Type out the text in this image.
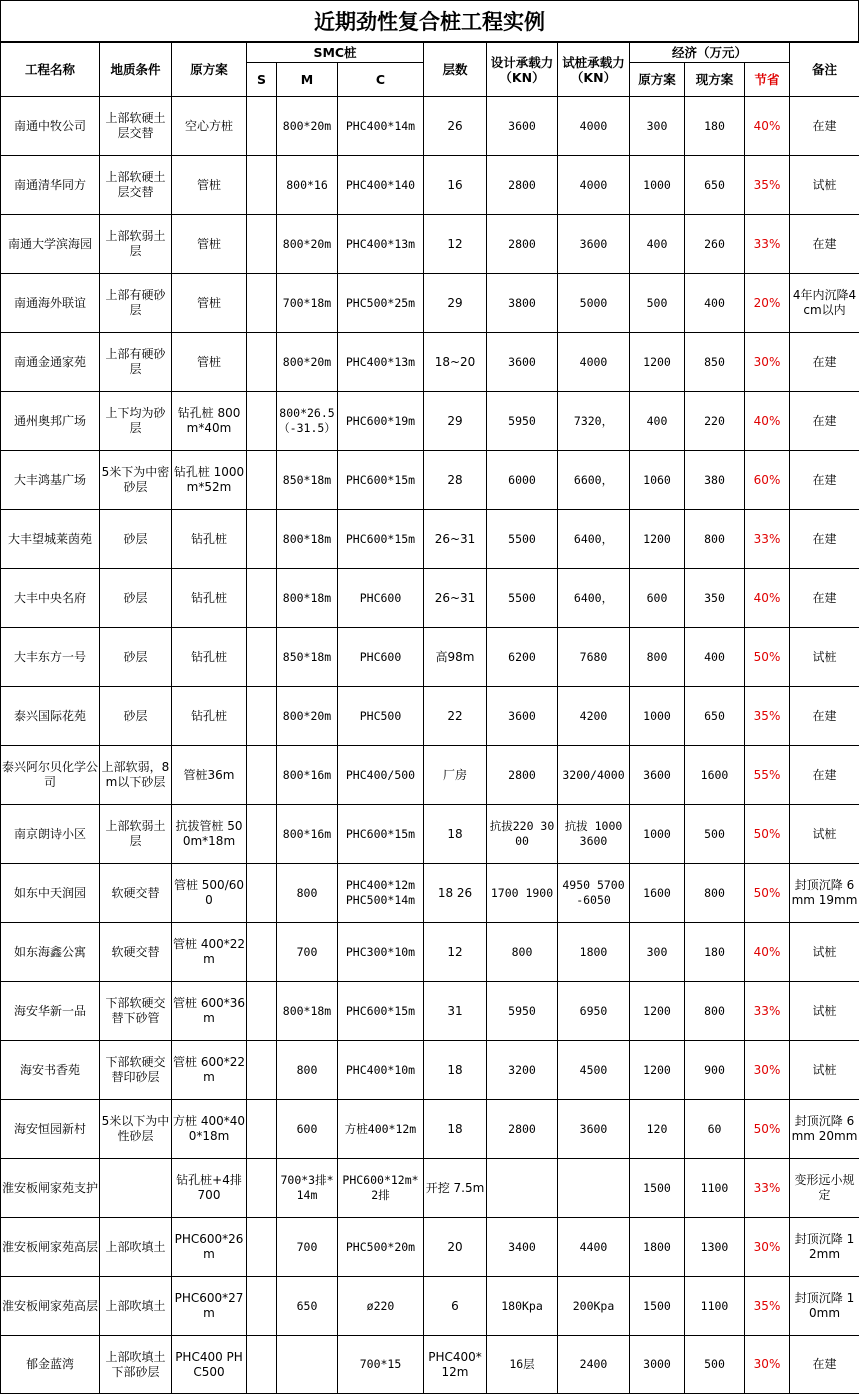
近期劲性复合桩工程实例
工程名称	地质条件	原方案	SMC桩			层数	设计承载力（KN）	试桩承载力（KN）	经济（万元）			备注
			S	M	C				原方案	现方案	节省	
南通中牧公司	上部软硬土层交替	空心方桩		800*20m	PHC400*14m	26	3600	4000	300	180	40%	在建
南通清华同方	上部软硬土层交替	管桩		800*16	PHC400*140	16	2800	4000	1000	650	35%	试桩
南通大学滨海园	上部软弱土层	管桩		800*20m	PHC400*13m	12	2800	3600	400	260	33%	在建
南通海外联谊	上部有硬砂层	管桩		700*18m	PHC500*25m	29	3800	5000	500	400	20%	4年内沉降4cm以内
南通金通家苑	上部有硬砂层	管桩		800*20m	PHC400*13m	18~20	3600	4000	1200	850	30%	在建
通州奥邦广场	上下均为砂层	钻孔桩 800m*40m		800*26.5（-31.5）	PHC600*19m	29	5950	7320，	400	220	40%	在建
大丰鸿基广场	5米下为中密砂层	钻孔桩 1000m*52m		850*18m	PHC600*15m	28	6000	6600，	1060	380	60%	在建
大丰望城莱茵苑	砂层	钻孔桩		800*18m	PHC600*15m	26~31	5500	6400，	1200	800	33%	在建
大丰中央名府	砂层	钻孔桩		800*18m	PHC600	26~31	5500	6400，	600	350	40%	在建
大丰东方一号	砂层	钻孔桩		850*18m	PHC600	高98m	6200	7680	800	400	50%	试桩
泰兴国际花苑	砂层	钻孔桩		800*20m	PHC500	22	3600	4200	1000	650	35%	在建
泰兴阿尔贝化学公司	上部软弱，8m以下砂层	管桩36m		800*16m	PHC400/500	厂房	2800	3200/4000	3600	1600	55%	在建
南京朗诗小区	上部软弱土层	抗拔管桩 500m*18m		800*16m	PHC600*15m	18	抗拔220 3000	抗拔 1000 3600	1000	500	50%	试桩
如东中天润园	软硬交替	管桩 500/600		800	PHC400*12m PHC500*14m	18 26	1700 1900	4950 5700-6050	1600	800	50%	封顶沉降 6mm 19mm
如东海鑫公寓	软硬交替	管桩 400*22m		700	PHC300*10m	12	800	1800	300	180	40%	试桩
海安华新一品	下部软硬交替下砂管	管桩 600*36m		800*18m	PHC600*15m	31	5950	6950	1200	800	33%	试桩
海安书香苑	下部软硬交替印砂层	管桩 600*22m		800	PHC400*10m	18	3200	4500	1200	900	30%	试桩
海安恒园新村	5米以下为中性砂层	方桩 400*400*18m		600	方桩400*12m	18	2800	3600	120	60	50%	封顶沉降 6mm 20mm
淮安板闸家苑支护		钻孔桩+4排 700		700*3排*14m	PHC600*12m*2排	开挖 7.5m			1500	1100	33%	变形远小规定
淮安板闸家苑高层	上部吹填土	PHC600*26m		700	PHC500*20m	20	3400	4400	1800	1300	30%	封顶沉降 12mm
淮安板闸家苑高层	上部吹填土	PHC600*27m		650	ø220	6	180Kpa	200Kpa	1500	1100	35%	封顶沉降 10mm
郁金蓝湾	上部吹填土下部砂层	PHC400 PHC500			700*15	PHC400*12m	16层	2400	3000	500	30%	在建
